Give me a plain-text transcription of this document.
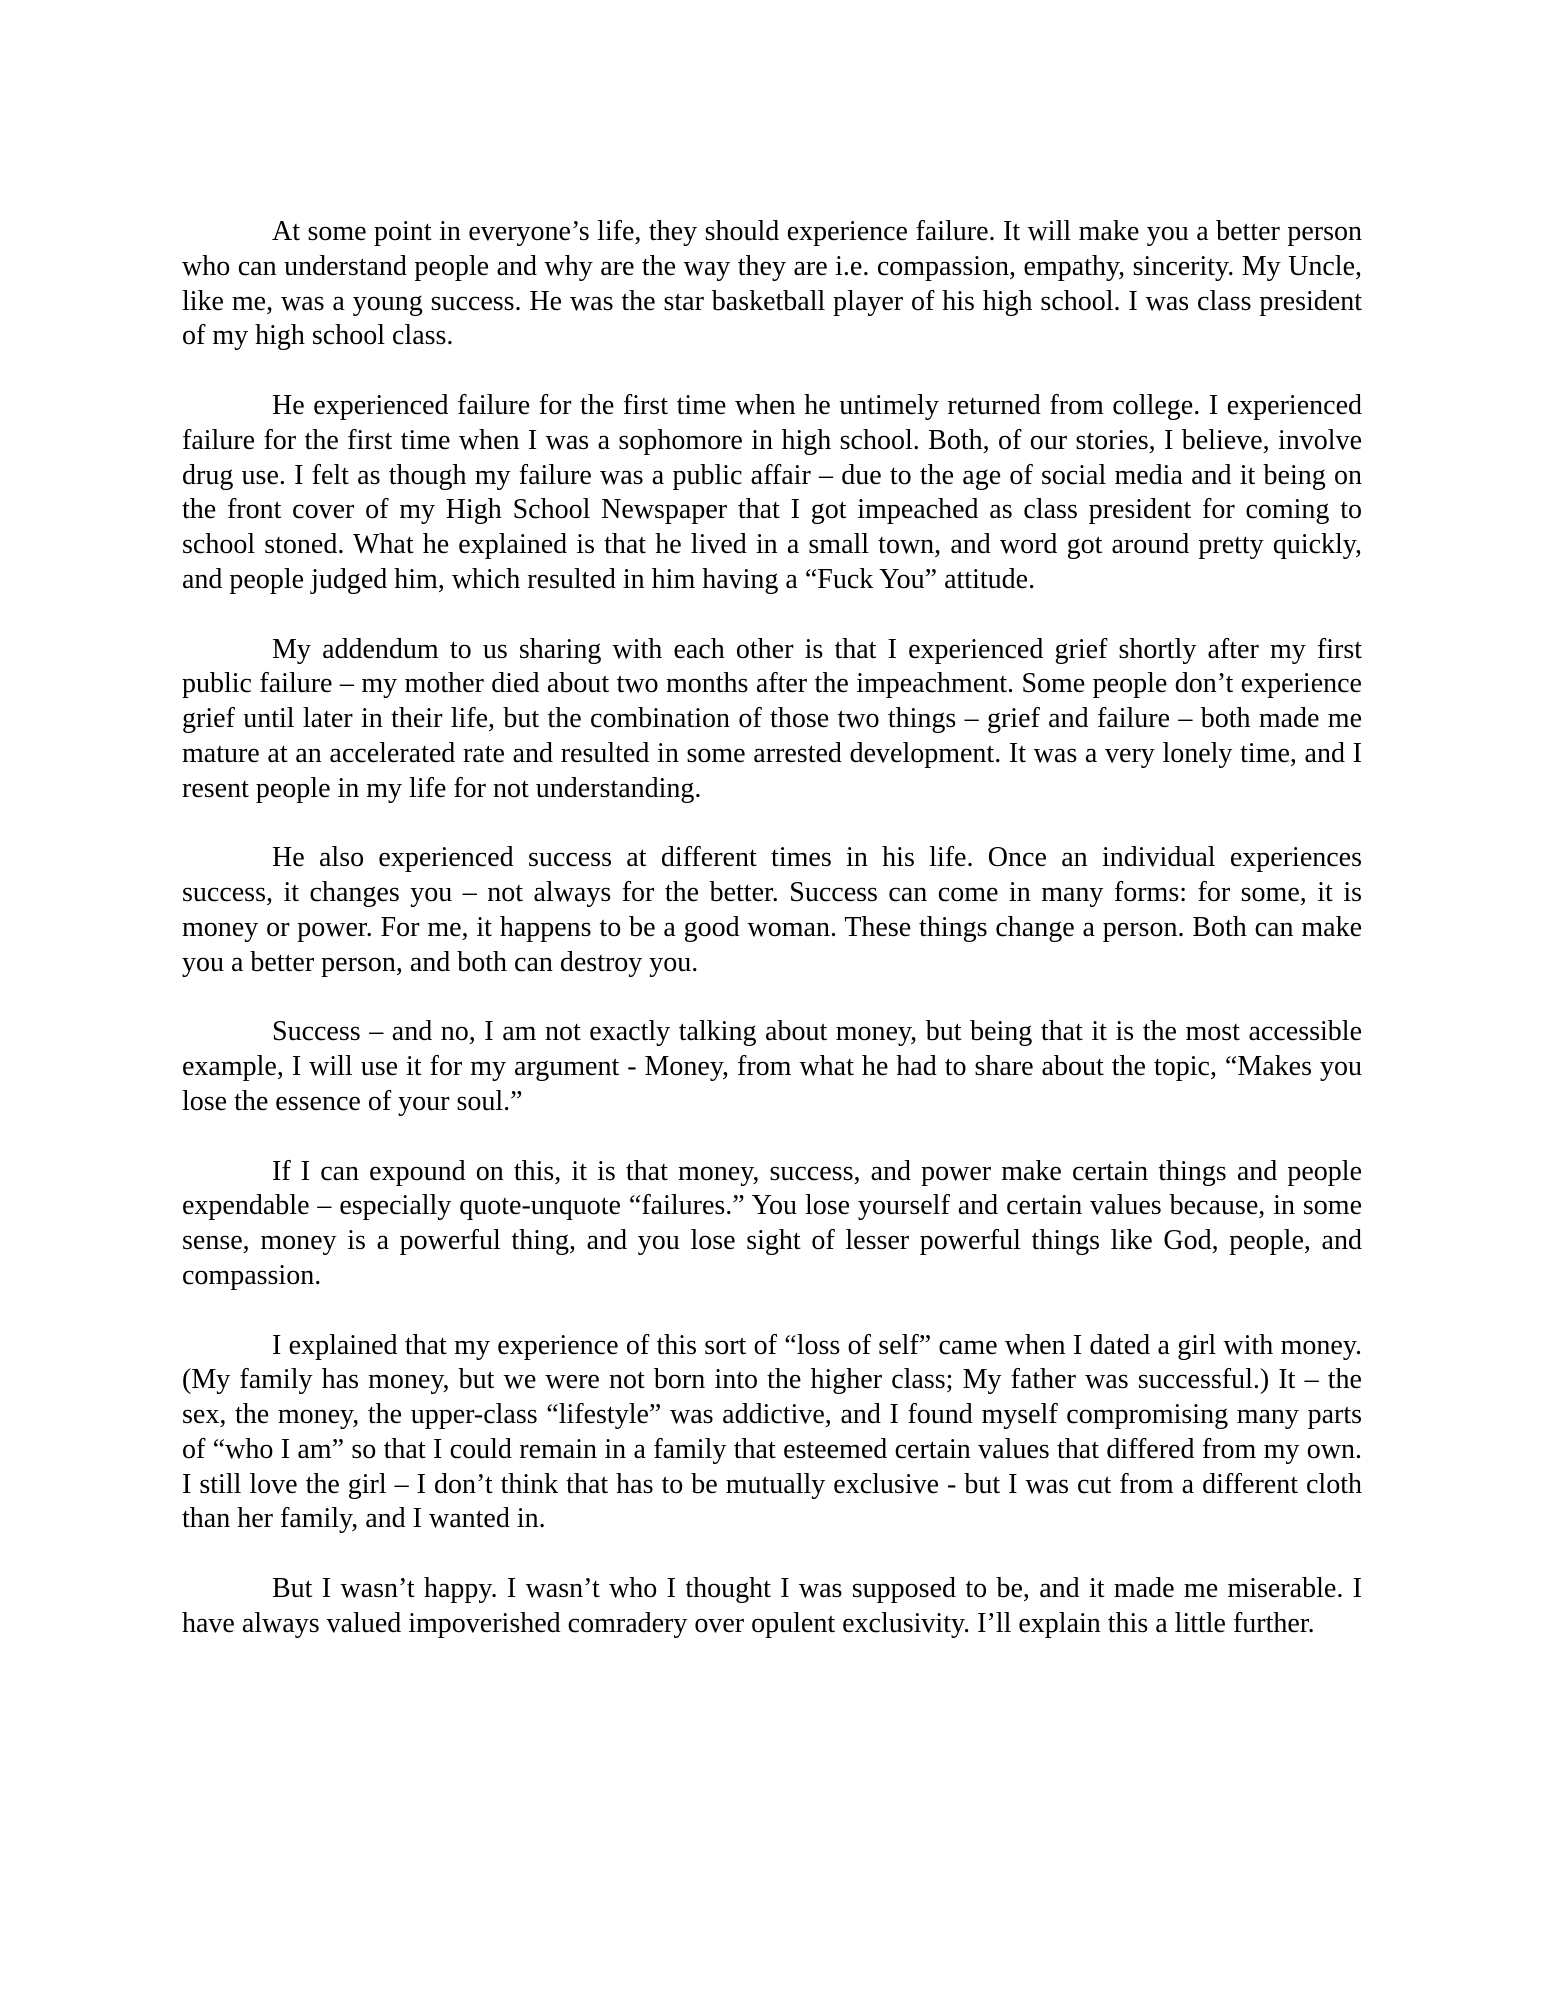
At some point in everyone’s life, they should experience failure. It will make you a better person who can understand people and why are the way they are i.e. compassion, empathy, sincerity. My Uncle, like me, was a young success. He was the star basketball player of his high school. I was class president of my high school class.

He experienced failure for the first time when he untimely returned from college. I experienced failure for the first time when I was a sophomore in high school. Both, of our stories, I believe, involve drug use. I felt as though my failure was a public affair – due to the age of social media and it being on the front cover of my High School Newspaper that I got impeached as class president for coming to school stoned. What he explained is that he lived in a small town, and word got around pretty quickly, and people judged him, which resulted in him having a “Fuck You” attitude.

My addendum to us sharing with each other is that I experienced grief shortly after my first public failure – my mother died about two months after the impeachment. Some people don’t experience grief until later in their life, but the combination of those two things – grief and failure – both made me mature at an accelerated rate and resulted in some arrested development. It was a very lonely time, and I resent people in my life for not understanding.

He also experienced success at different times in his life. Once an individual experiences success, it changes you – not always for the better. Success can come in many forms: for some, it is money or power. For me, it happens to be a good woman. These things change a person. Both can make you a better person, and both can destroy you.

Success – and no, I am not exactly talking about money, but being that it is the most accessible example, I will use it for my argument - Money, from what he had to share about the topic, “Makes you lose the essence of your soul.”

If I can expound on this, it is that money, success, and power make certain things and people expendable – especially quote-unquote “failures.” You lose yourself and certain values because, in some sense, money is a powerful thing, and you lose sight of lesser powerful things like God, people, and compassion.

I explained that my experience of this sort of “loss of self” came when I dated a girl with money. (My family has money, but we were not born into the higher class; My father was successful.) It – the sex, the money, the upper-class “lifestyle” was addictive, and I found myself compromising many parts of “who I am” so that I could remain in a family that esteemed certain values that differed from my own. I still love the girl – I don’t think that has to be mutually exclusive - but I was cut from a different cloth than her family, and I wanted in.

But I wasn’t happy. I wasn’t who I thought I was supposed to be, and it made me miserable. I have always valued impoverished comradery over opulent exclusivity. I’ll explain this a little further.
